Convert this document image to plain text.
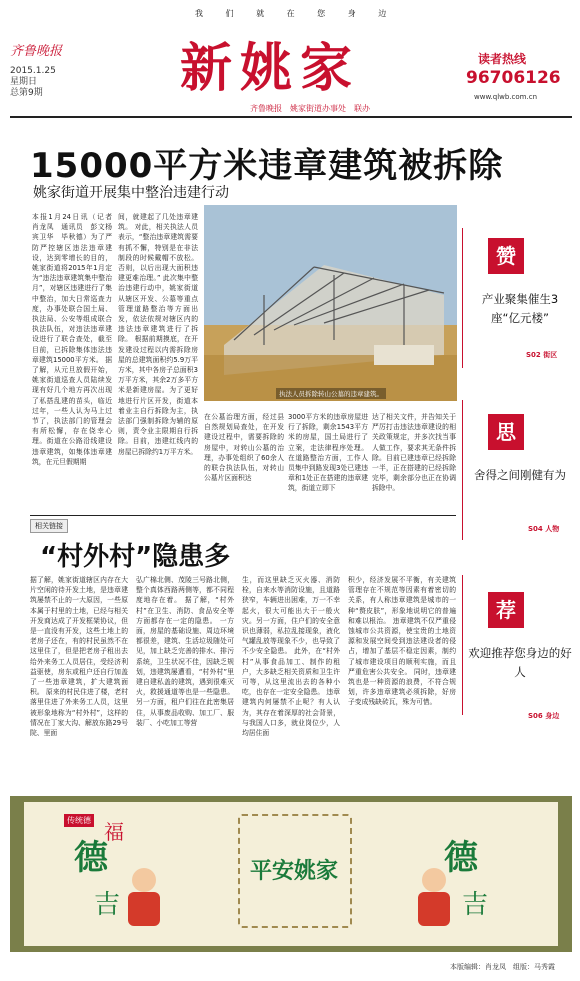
我 们 就 在 您 身 边
齐鲁晚报
2015.1.25
星期日
总第9期	新姚家	读者热线
96706126
www.qlwb.com.cn
齐鲁晚报　姚家街道办事处　联办
15000平方米违章建筑被拆除
姚家街道开展集中整治违建行动
本报1月24日讯（记者　肖龙凤　通讯员　彭文杨　宾卫华　毕秋德）为了严防严控辖区违法违章建设，达到零增长的目的，姚家街道将2015年1月定为“违法违章建筑集中整治月”，对辖区违建进行了集中整治，加大日常巡查力度，办事处联合国土局、执法局、公安等组成联合执法队伍，对违法违章建设进行了联合查处，截至目前，已拆除集体违法违章建筑15000平方米。 据了解，从元旦放假开始，姚家街道巡查人员陆续发现有好几个地方再次出现了私搭乱建的苗头，临近过年，一些人认为马上过节了，执法部门的管理会有所松懈，存在侥幸心理。街道在公路沿线建设违章建筑，如集体违章建筑，在元旦假期期
间，就建起了几处违章建筑。 对此，相关执法人员表示，“整治违章建筑需要有抓不懈，特别是在非法制段的时候戴帽不放松。否则，以后出现大面积违建更难治理。” 此次集中整治违建行动中，姚家街道从辖区开发、公墓等重点管理道路整治等方面出发，依法依规对辖区内的违法违章建筑进行了拆除。 根据前期摸底，在开发建设过程以内需拆除房屋的总建筑面积约5.9万平方米，其中各房子总面积3万平方米，其余2万多平方米是新建房屋。为了更好地进行片区开发，街道本着业主自行拆除为主，执法部门强制拆除为辅的原则，责令业主限期自行拆除。目前，违建红线内的房屋已拆除约1万平方米。
执法人员拆除转山公墓的违章建筑。
在公墓治理方面，经过县自然规划局查处，在开发建设过程中，需要拆除的房屋中，对转山公墓的治理，办事处组织了60余人的联合执法队伍，对转山公墓片区面积达
3000平方米的违章房屋进行了拆除，剩余1543平方米的房屋，国土局进行了立案，走法律程序处理。 在道路整治方面，工作人员集中到路发现3处已建违章和1处正在搭建的违章建筑，街道立即下
达了相关文件，并告知关于严厉打击违法违章建设的相关政策规定，并多次找当事人做工作，要求其无条件拆除。目前已建违章已经拆除一半，正在搭建的已经拆除完毕，剩余部分也正在协调拆除中。
赞
产业聚集催生3座“亿元楼”
S02 街区
思
舍得之间刚健有为
S04 人物
荐
欢迎推荐您身边的好人
S06 身边
相关链接
“村外村”隐患多
据了解，姚家街道辖区内存在大片空闲的待开发土地，是违章建筑屡禁不止的一大原因，一些原本属于村里的土地，已经与相关开发商达成了开发框架协议，但是一直没有开发，这些土地上的老房子还在，有的村民虽然不在这里住了，但是把老房子租出去给外来务工人员居住，受经济利益驱使，房东或租户还自行加盖了一些违章建筑，扩大建筑面积。 原来的村民住进了楼，老村落里住进了外来务工人员，这里被形象地称为“村外村”，这样的情况在丁家大沟、解放东路29号院、里面
弘广棉北侧、茂陵三号路北侧，整个真体西路两侧等，都不同程度地存在着。 据了解，“村外村”在卫生、消防、食品安全等方面都存在一定的隐患。 一方面，房屋的基础设施、周边环境都很差，建筑、生活垃圾随处可见，加上缺乏完善的排水、排污系统，卫生状况不佳，因缺乏规划，违建筑屡遭看，“村外村”里建自建私盖的建筑，遇到很难灭火，救援通道等也是一些隐患。 另一方面，租户们往在此密集居住，从事废品收购、加工厂、服装厂、小吃加工等营
生，而这里缺乏灭火器、消防栓，自来水等消防设施，且道路狭窄，车辆进出困难，万一不幸起火，很大可能出大于一般火灾。另一方面，住户们的安全意识也薄弱，私拉乱接现象，液化气罐乱放等现象不少，也导致了不少安全隐患。 此外，在“村外村”从事食品加工、制作的租户，大多缺乏相关资质和卫生许可等，从这里流出去的各种小吃，也存在一定安全隐患。 违章建筑内何屡禁不止呢？有人认为，其存在着深厚的社会背景，与我国人口多，就业岗位少，人均居住面
积少，经济发展不平衡，有关建筑管理存在不规范等因素有着密切的关系，有人称违章建筑是城市的一种“赘皮肤”，形象地说明它的普遍和难以根治。 违章建筑不仅严重侵蚀城市公共资源，使宝贵的土地资源和发展空间受到违法建设者的侵占，增加了基层不稳定因素，制约了城市建设项目的顺利实施，而且严重危害公共安全。 同时，违章建筑也是一种资源的浪费，不符合规划，许多违章建筑必须拆除，好房子变成残缺砖瓦，殊为可惜。
传统德 福
德
吉
平安姚家	德
吉
本版编辑：肖龙凤　组版：马秀霞
